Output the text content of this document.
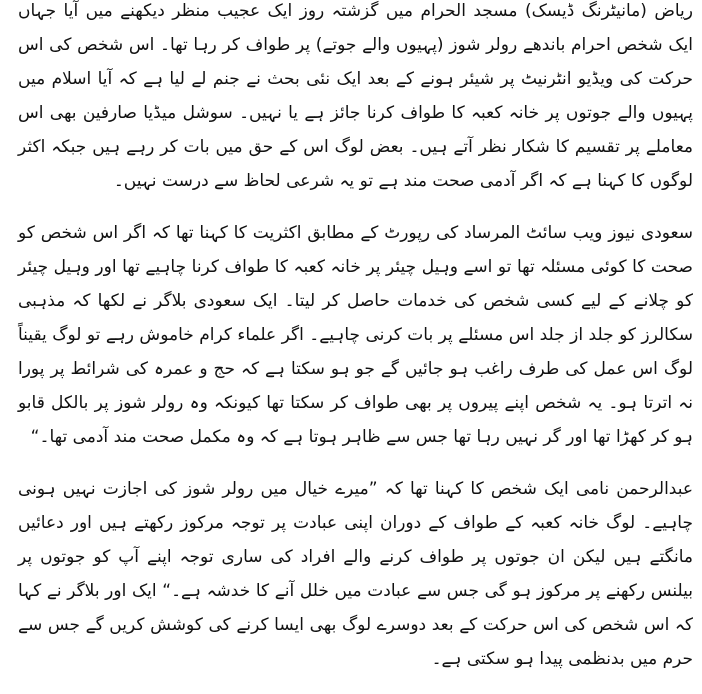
ریاض (مانیٹرنگ ڈیسک) مسجد الحرام میں گزشتہ روز ایک عجیب منظر دیکھنے میں آیا جہاں ایک شخص احرام باندھے رولر شوز (پہیوں والے جوتے) پر طواف کر رہا تھا۔ اس شخص کی اس حرکت کی ویڈیو انٹرنیٹ پر شیئر ہونے کے بعد ایک نئی بحث نے جنم لے لیا ہے کہ آیا اسلام میں پہیوں والے جوتوں پر خانہ کعبہ کا طواف کرنا جائز ہے یا نہیں۔ سوشل میڈیا صارفین بھی اس معاملے پر تقسیم کا شکار نظر آتے ہیں۔ بعض لوگ اس کے حق میں بات کر رہے ہیں جبکہ اکثر لوگوں کا کہنا ہے کہ اگر آدمی صحت مند ہے تو یہ شرعی لحاظ سے درست نہیں۔

سعودی نیوز ویب سائٹ المرساد کی رپورٹ کے مطابق اکثریت کا کہنا تھا کہ اگر اس شخص کو صحت کا کوئی مسئلہ تھا تو اسے وہیل چیئر پر خانہ کعبہ کا طواف کرنا چاہیے تھا اور وہیل چیئر کو چلانے کے لیے کسی شخص کی خدمات حاصل کر لیتا۔ ایک سعودی بلاگر نے لکھا کہ مذہبی سکالرز کو جلد از جلد اس مسئلے پر بات کرنی چاہیے۔ اگر علماء کرام خاموش رہے تو لوگ یقیناً لوگ اس عمل کی طرف راغب ہو جائیں گے جو ہو سکتا ہے کہ حج و عمرہ کی شرائط پر پورا نہ اترتا ہو۔ یہ شخص اپنے پیروں پر بھی طواف کر سکتا تھا کیونکہ وہ رولر شوز پر بالکل قابو ہو کر کھڑا تھا اور گر نہیں رہا تھا جس سے ظاہر ہوتا ہے کہ وہ مکمل صحت مند آدمی تھا۔“

عبدالرحمن نامی ایک شخص کا کہنا تھا کہ ”میرے خیال میں رولر شوز کی اجازت نہیں ہونی چاہیے۔ لوگ خانہ کعبہ کے طواف کے دوران اپنی عبادت پر توجہ مرکوز رکھتے ہیں اور دعائیں مانگتے ہیں لیکن ان جوتوں پر طواف کرنے والے افراد کی ساری توجہ اپنے آپ کو جوتوں پر بیلنس رکھنے پر مرکوز ہو گی جس سے عبادت میں خلل آنے کا خدشہ ہے۔“ ایک اور بلاگر نے کہا کہ اس شخص کی اس حرکت کے بعد دوسرے لوگ بھی ایسا کرنے کی کوشش کریں گے جس سے حرم میں بدنظمی پیدا ہو سکتی ہے۔
